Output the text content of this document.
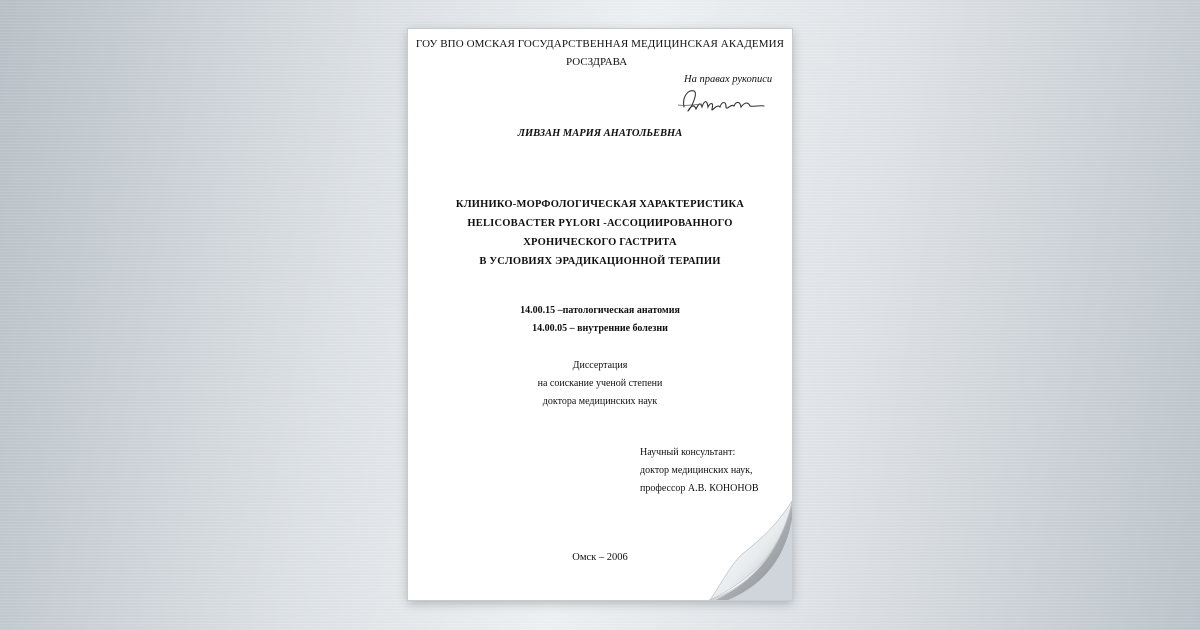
ГОУ ВПО ОМСКАЯ ГОСУДАРСТВЕННАЯ МЕДИЦИНСКАЯ АКАДЕМИЯ

РОСЗДРАВА

На правах рукописи

ЛИВЗАН МАРИЯ АНАТОЛЬЕВНА

КЛИНИКО-МОРФОЛОГИЧЕСКАЯ ХАРАКТЕРИСТИКА

HELICOBACTER PYLORI -АССОЦИИРОВАННОГО

ХРОНИЧЕСКОГО ГАСТРИТА

В УСЛОВИЯХ ЭРАДИКАЦИОННОЙ ТЕРАПИИ

14.00.15 –патологическая анатомия

14.00.05 – внутренние болезни

Диссертация

на соискание ученой степени

доктора медицинских наук

Научный консультант:

доктор медицинских наук,

профессор А.В. КОНОНОВ

Омск – 2006
